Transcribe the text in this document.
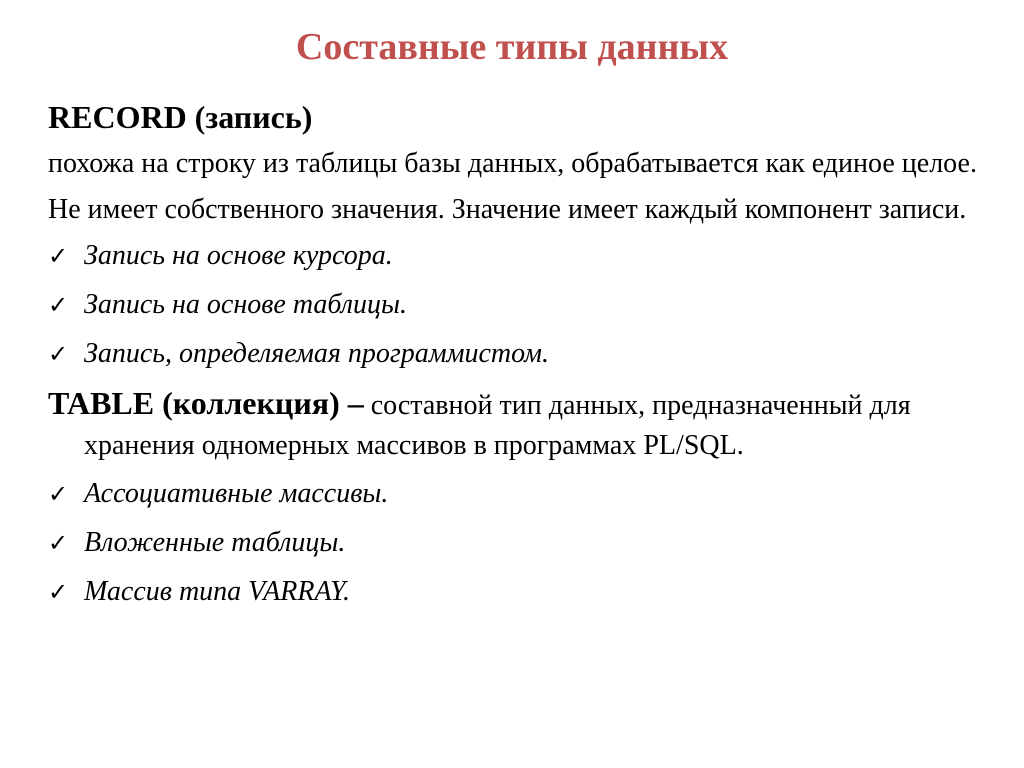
Составные типы данных
RECORD (запись)
похожа на строку из таблицы базы данных, обрабатывается как единое целое.
Не имеет собственного значения. Значение имеет каждый компонент записи.
✓ Запись на основе курсора.
✓ Запись на основе таблицы.
✓ Запись, определяемая программистом.
TABLE (коллекция) – составной тип данных, предназначенный для хранения одномерных массивов в программах PL/SQL.
✓ Ассоциативные массивы.
✓ Вложенные таблицы.
✓ Массив типа VARRAY.
